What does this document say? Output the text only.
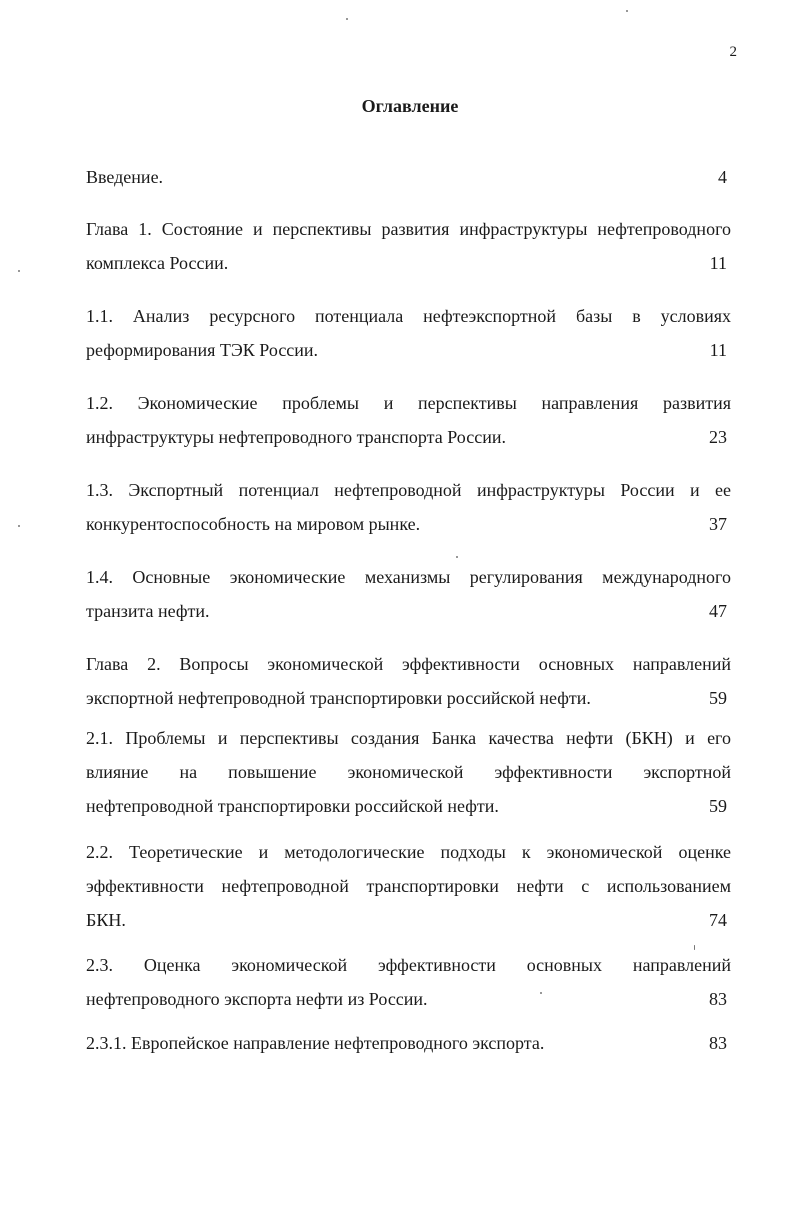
2
Оглавление
Введение.	4
Глава 1. Состояние и перспективы развития инфраструктуры нефтепроводного
комплекса России.	11
1.1. Анализ ресурсного потенциала нефтеэкспортной базы в условиях
реформирования ТЭК России.	11
1.2. Экономические проблемы и перспективы направления развития
инфраструктуры нефтепроводного транспорта России.	23
1.3. Экспортный потенциал нефтепроводной инфраструктуры России и ее
конкурентоспособность на мировом рынке.	37
1.4. Основные экономические механизмы регулирования международного
транзита нефти.	47
Глава 2. Вопросы экономической эффективности основных направлений
экспортной нефтепроводной транспортировки российской нефти.	59
2.1. Проблемы и перспективы создания Банка качества нефти (БКН) и его
влияние на повышение экономической эффективности экспортной
нефтепроводной транспортировки российской нефти.	59
2.2. Теоретические и методологические подходы к экономической оценке
эффективности нефтепроводной транспортировки нефти с использованием
БКН.	74
2.3. Оценка экономической эффективности основных направлений
нефтепроводного экспорта нефти из России.	83
2.3.1. Европейское направление нефтепроводного экспорта.	83
